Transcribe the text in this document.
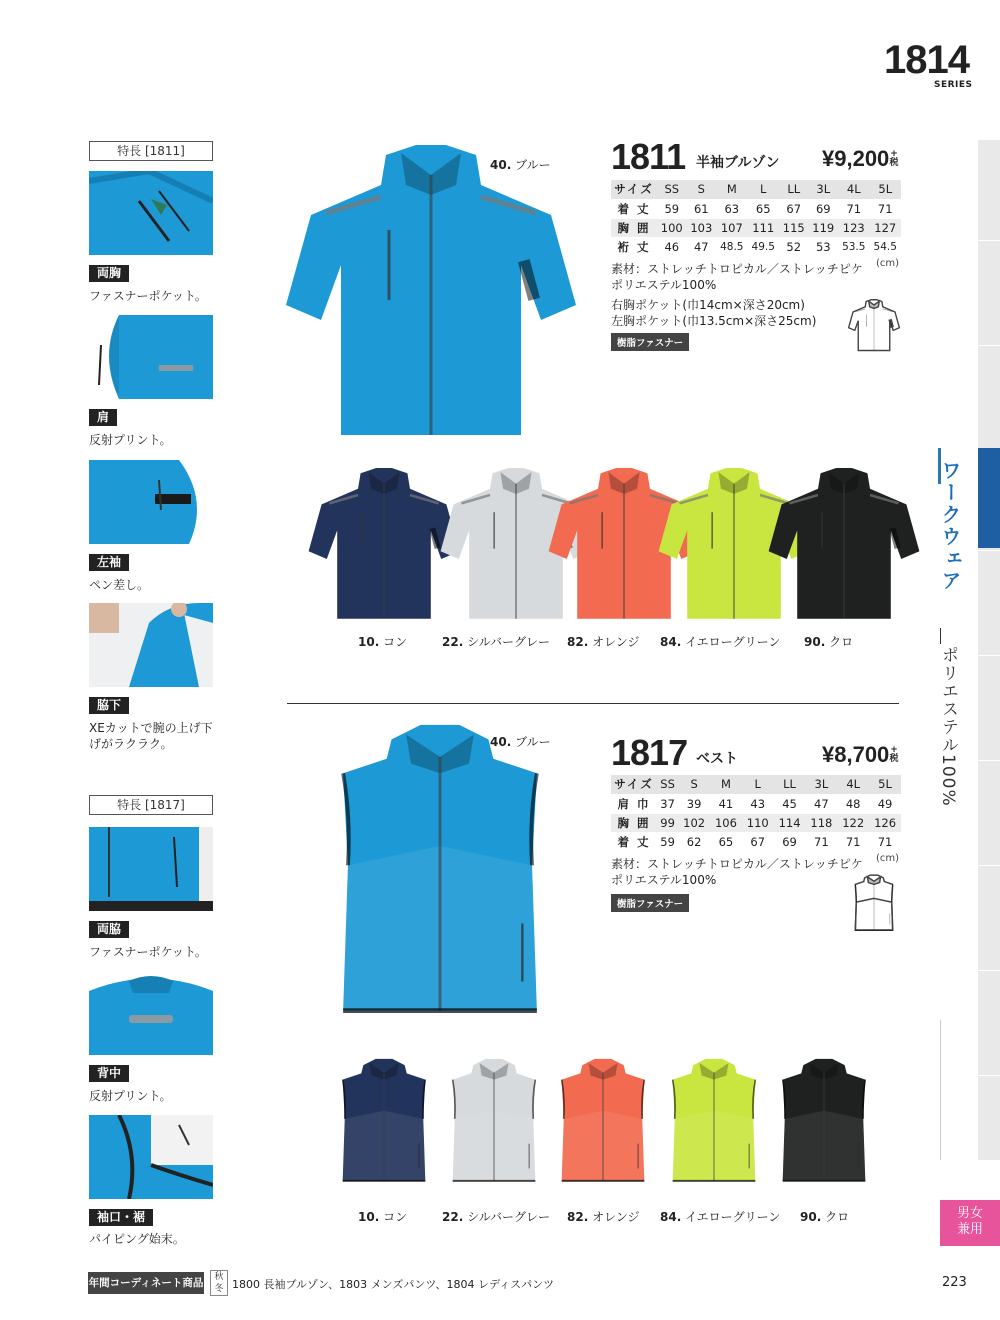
1814
SERIES
ワークウェア
ポリエステル100%
男女
兼用
特長 [1811]
両胸
ファスナーポケット。
肩
反射プリント。
左袖
ペン差し。
脇下
XEカットで腕の上げ下げがラクラク。
特長 [1817]
両脇
ファスナーポケット。
背中
反射プリント。
袖口・裾
パイピング始末。
40. ブルー 1811 半袖ブルゾン ¥9,200 +
税
サイズ	SS	S	M	L	LL	3L	4L	5L
着 丈	59	61	63	65	67	69	71	71
胸 囲	100	103	107	111	115	119	123	127
裄 丈	46	47	48.5	49.5	52	53	53.5	54.5
(cm)
素材：ストレッチトロピカル／ストレッチピケ
ポリエステル100%
右胸ポケット(巾14cm×深さ20cm)
左胸ポケット(巾13.5cm×深さ25cm)
樹脂ファスナー
10. コン	22. シルバーグレー 82. オレンジ 84. イエローグリーン 90. クロ
40. ブルー 1817 ベスト	¥8,700 +
税
サイズ	SS	S	M	L	LL	3L	4L	5L
肩 巾	37	39	41	43	45	47	48	49
胸 囲	99	102	106	110	114	118	122	126
着 丈	59	62	65	67	69	71	71	71
(cm)
素材：ストレッチトロピカル／ストレッチピケ
ポリエステル100%
樹脂ファスナー
10. コン	22. シルバーグレー 82. オレンジ 84. イエローグリーン 90. クロ
年間コーディネート商品	秋
冬 1800 長袖ブルゾン、1803 メンズパンツ、1804 レディスパンツ	223
